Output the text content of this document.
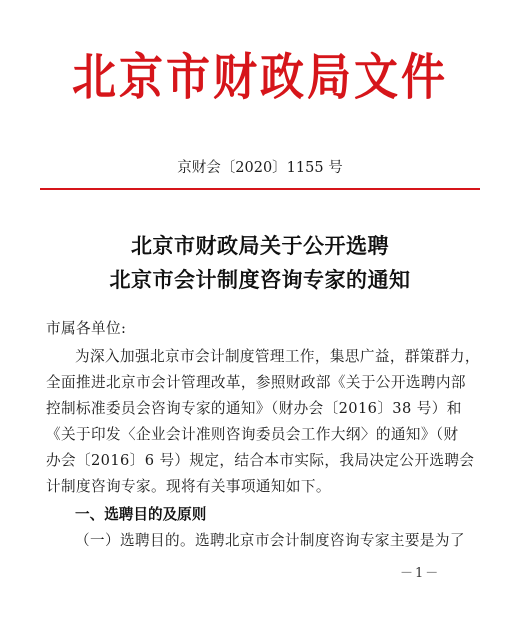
北京市财政局文件
京财会〔2020〕1155 号
北京市财政局关于公开选聘
北京市会计制度咨询专家的通知
市属各单位:
为深入加强北京市会计制度管理工作，集思广益，群策群力，
全面推进北京市会计管理改革，参照财政部《关于公开选聘内部
控制标准委员会咨询专家的通知》（财办会〔2016〕38 号）和
《关于印发〈企业会计准则咨询委员会工作大纲〉的通知》（财
办会〔2016〕6 号）规定，结合本市实际，我局决定公开选聘会
计制度咨询专家。现将有关事项通知如下。
一、选聘目的及原则
（一）选聘目的。选聘北京市会计制度咨询专家主要是为了
－1－
